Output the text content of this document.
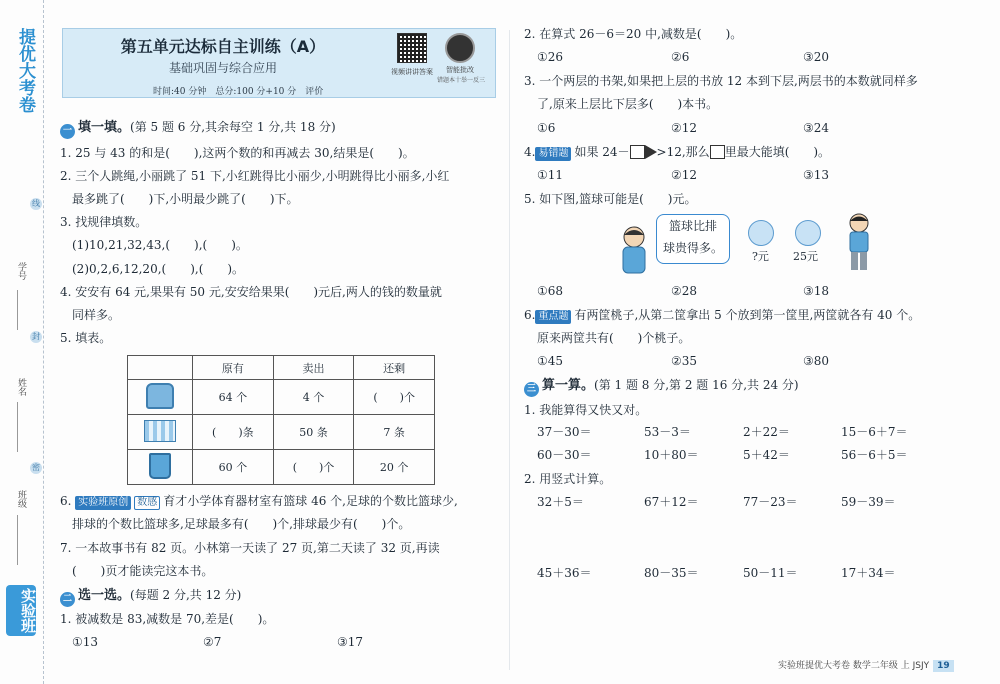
提优大考卷
线
学号
封
姓名
密
班级
实验班
第五单元达标自主训练（A）
基础巩固与综合应用
时间:40 分钟　总分:100 分+10 分　评价
视频讲讲答案	智能批改
错题本十举一反三
一 填一填。(第 5 题 6 分,其余每空 1 分,共 18 分)
1. 25 与 43 的和是(　　),这两个数的和再减去 30,结果是(　　)。
2. 三个人跳绳,小丽跳了 51 下,小红跳得比小丽少,小明跳得比小丽多,小红
最多跳了(　　)下,小明最少跳了(　　)下。
3. 找规律填数。
(1)10,21,32,43,(　　),(　　)。
(2)0,2,6,12,20,(　　),(　　)。
4. 安安有 64 元,果果有 50 元,安安给果果(　　)元后,两人的钱的数量就
同样多。
5. 填表。
	原有	卖出	还剩
	64 个	4 个	(　　)个
	(　　)条	50 条	7 条
	60 个	(　　)个	20 个
6. 实验班原创 数感 育才小学体育器材室有篮球 46 个,足球的个数比篮球少,
排球的个数比篮球多,足球最多有(　　)个,排球最少有(　　)个。
7. 一本故事书有 82 页。小林第一天读了 27 页,第二天读了 32 页,再读
(　　)页才能读完这本书。
二 选一选。(每题 2 分,共 12 分)
1. 被减数是 83,减数是 70,差是(　　)。
①13	②7	③17
2. 在算式 26－6＝20 中,减数是(　　)。
①26	②6	③20
3. 一个两层的书架,如果把上层的书放 12 本到下层,两层书的本数就同样多
了,原来上层比下层多(　　)本书。
①6	②12	③24
4. 易错题 如果 24－ >12,那么 里最大能填(　　)。
①11	②12	③13
5. 如下图,篮球可能是(　　)元。
篮球比排
球贵得多。
?元 25元
①68	②28	③18
6. 重点题 有两筐桃子,从第二筐拿出 5 个放到第一筐里,两筐就各有 40 个。
原来两筐共有(　　)个桃子。
①45	②35	③80
三 算一算。(第 1 题 8 分,第 2 题 16 分,共 24 分)
1. 我能算得又快又对。
37－30＝	53－3＝	2＋22＝	15－6＋7＝
60－30＝	10＋80＝	5＋42＝	56－6＋5＝
2. 用竖式计算。
32＋5＝	67＋12＝	77－23＝	59－39＝
45＋36＝	80－35＝	50－11＝	17＋34＝
实验班提优大考卷 数学二年级 上 JSJY 19
